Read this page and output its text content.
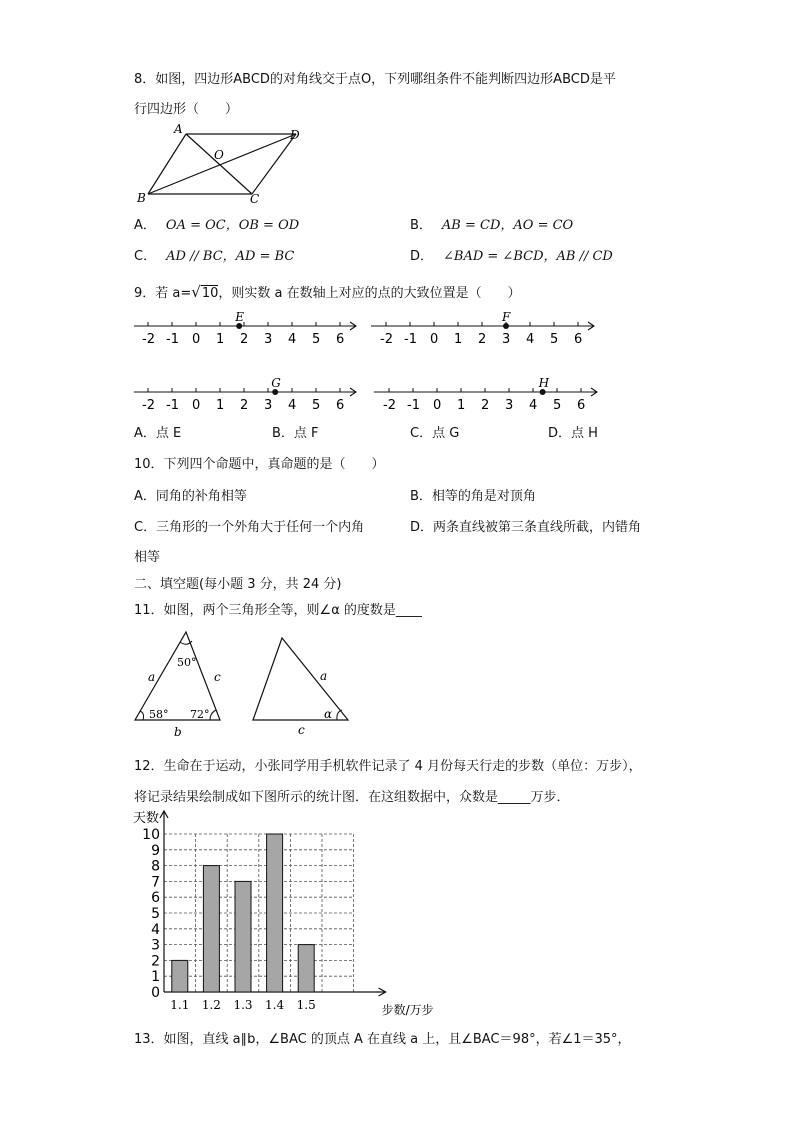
8．如图，四边形ABCD的对角线交于点O，下列哪组条件不能判断四边形ABCD是平
行四边形（　　）
A	D
O
B	C
A． OA = OC，OB = OD	B． AB = CD，AO = CO
C． AD // BC，AD = BC	D． ∠BAD = ∠BCD，AB // CD
9．若 a=√10，则实数 a 在数轴上对应的点的大致位置是（　　）
-2 -1 0 1 2 3 4 5 6
E
-2 -1 0 1 2 3 4 5 6
F
-2 -1 0 1 2 3 4 5 6
G
-2 -1 0 1 2 3 4 5 6
H
A．点 E	B．点 F	C．点 G	D．点 H
10．下列四个命题中，真命题的是（　　）
A．同角的补角相等	B．相等的角是对顶角
C．三角形的一个外角大于任何一个内角	D．两条直线被第三条直线所截，内错角
相等
二、填空题(每小题 3 分，共 24 分)
11．如图，两个三角形全等，则∠α 的度数是____
50°
58° 72°
a	c
b
a
c
α
12．生命在于运动，小张同学用手机软件记录了 4 月份每天行走的步数（单位：万步），
将记录结果绘制成如下图所示的统计图．在这组数据中，众数是_____万步．
0
1
2
3
4
5
6
7
8
9
10
1.1 1.2 1.3 1.4 1.5
天数
步数/万步
13．如图，直线 a∥b，∠BAC 的顶点 A 在直线 a 上，且∠BAC＝98°，若∠1＝35°，
